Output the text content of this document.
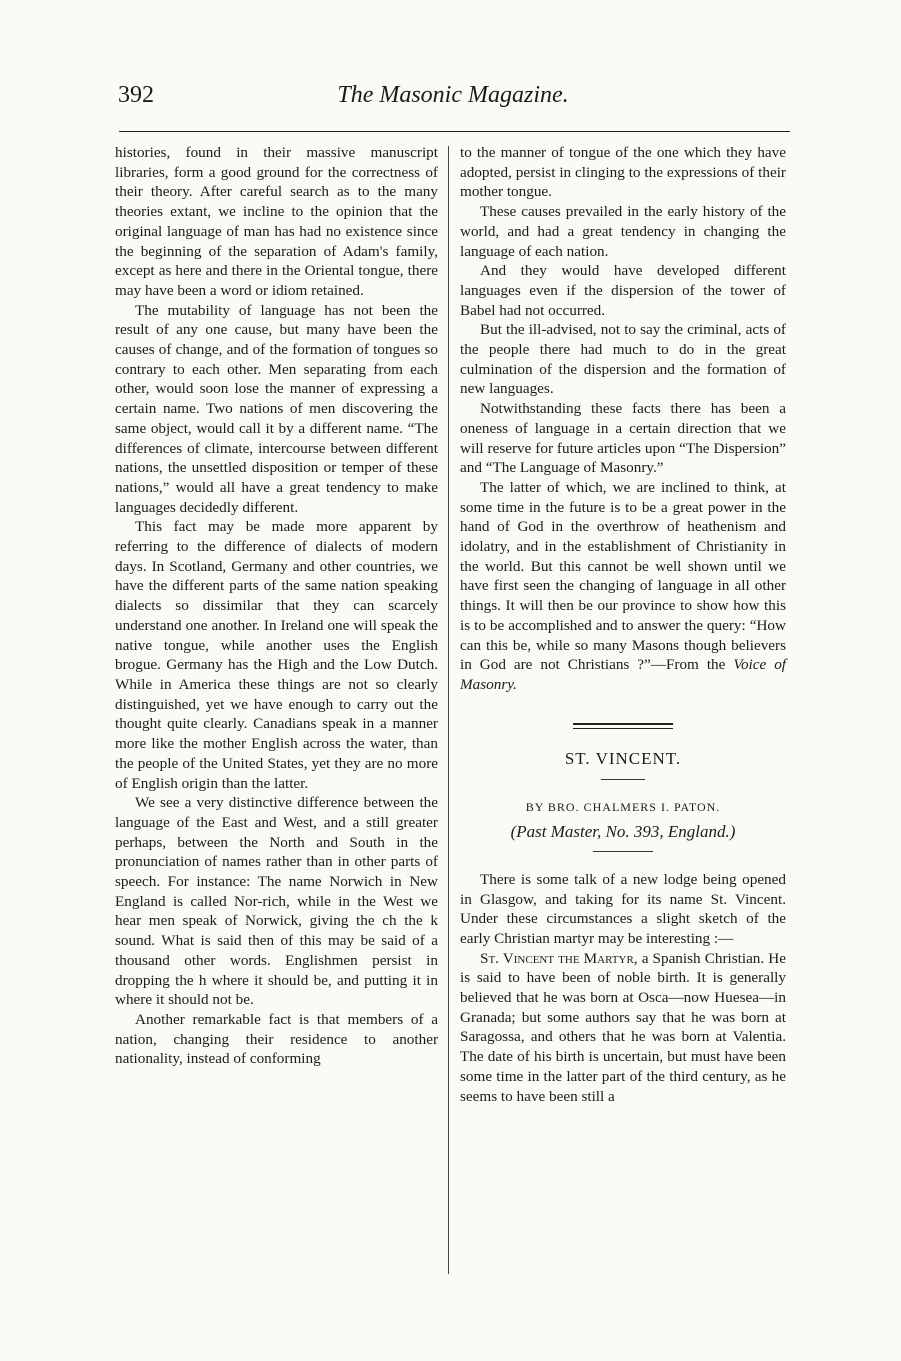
392	The Masonic Magazine.

histories, found in their massive manuscript libraries, form a good ground for the correctness of their theory. After careful search as to the many theories extant, we incline to the opinion that the original language of man has had no existence since the beginning of the separation of Adam's family, except as here and there in the Oriental tongue, there may have been a word or idiom retained.

The mutability of language has not been the result of any one cause, but many have been the causes of change, and of the formation of tongues so contrary to each other. Men separating from each other, would soon lose the manner of expressing a certain name. Two nations of men discovering the same object, would call it by a different name. “The differences of climate, intercourse between different nations, the unsettled disposition or temper of these nations,” would all have a great tendency to make languages decidedly different.

This fact may be made more apparent by referring to the difference of dialects of modern days. In Scotland, Germany and other countries, we have the different parts of the same nation speaking dialects so dissimilar that they can scarcely understand one another. In Ireland one will speak the native tongue, while another uses the English brogue. Germany has the High and the Low Dutch. While in America these things are not so clearly distinguished, yet we have enough to carry out the thought quite clearly. Canadians speak in a manner more like the mother English across the water, than the people of the United States, yet they are no more of English origin than the latter.

We see a very distinctive difference between the language of the East and West, and a still greater perhaps, between the North and South in the pronunciation of names rather than in other parts of speech. For instance: The name Norwich in New England is called Nor-rich, while in the West we hear men speak of Norwick, giving the ch the k sound. What is said then of this may be said of a thousand other words. Englishmen persist in dropping the h where it should be, and putting it in where it should not be.

Another remarkable fact is that members of a nation, changing their residence to another nationality, instead of conforming

to the manner of tongue of the one which they have adopted, persist in clinging to the expressions of their mother tongue.

These causes prevailed in the early history of the world, and had a great tendency in changing the language of each nation.

And they would have developed different languages even if the dispersion of the tower of Babel had not occurred.

But the ill-advised, not to say the criminal, acts of the people there had much to do in the great culmination of the dispersion and the formation of new languages.

Notwithstanding these facts there has been a oneness of language in a certain direction that we will reserve for future articles upon “The Dispersion” and “The Language of Masonry.”

The latter of which, we are inclined to think, at some time in the future is to be a great power in the hand of God in the overthrow of heathenism and idolatry, and in the establishment of Christianity in the world. But this cannot be well shown until we have first seen the changing of language in all other things. It will then be our province to show how this is to be accomplished and to answer the query: “How can this be, while so many Masons though believers in God are not Christians ?”—From the Voice of Masonry.

ST. VINCENT.
BY BRO. CHALMERS I. PATON.
(Past Master, No. 393, England.)

There is some talk of a new lodge being opened in Glasgow, and taking for its name St. Vincent. Under these circumstances a slight sketch of the early Christian martyr may be interesting :—

St. Vincent the Martyr, a Spanish Christian. He is said to have been of noble birth. It is generally believed that he was born at Osca—now Huesea—in Granada; but some authors say that he was born at Saragossa, and others that he was born at Valentia. The date of his birth is uncertain, but must have been some time in the latter part of the third century, as he seems to have been still a
